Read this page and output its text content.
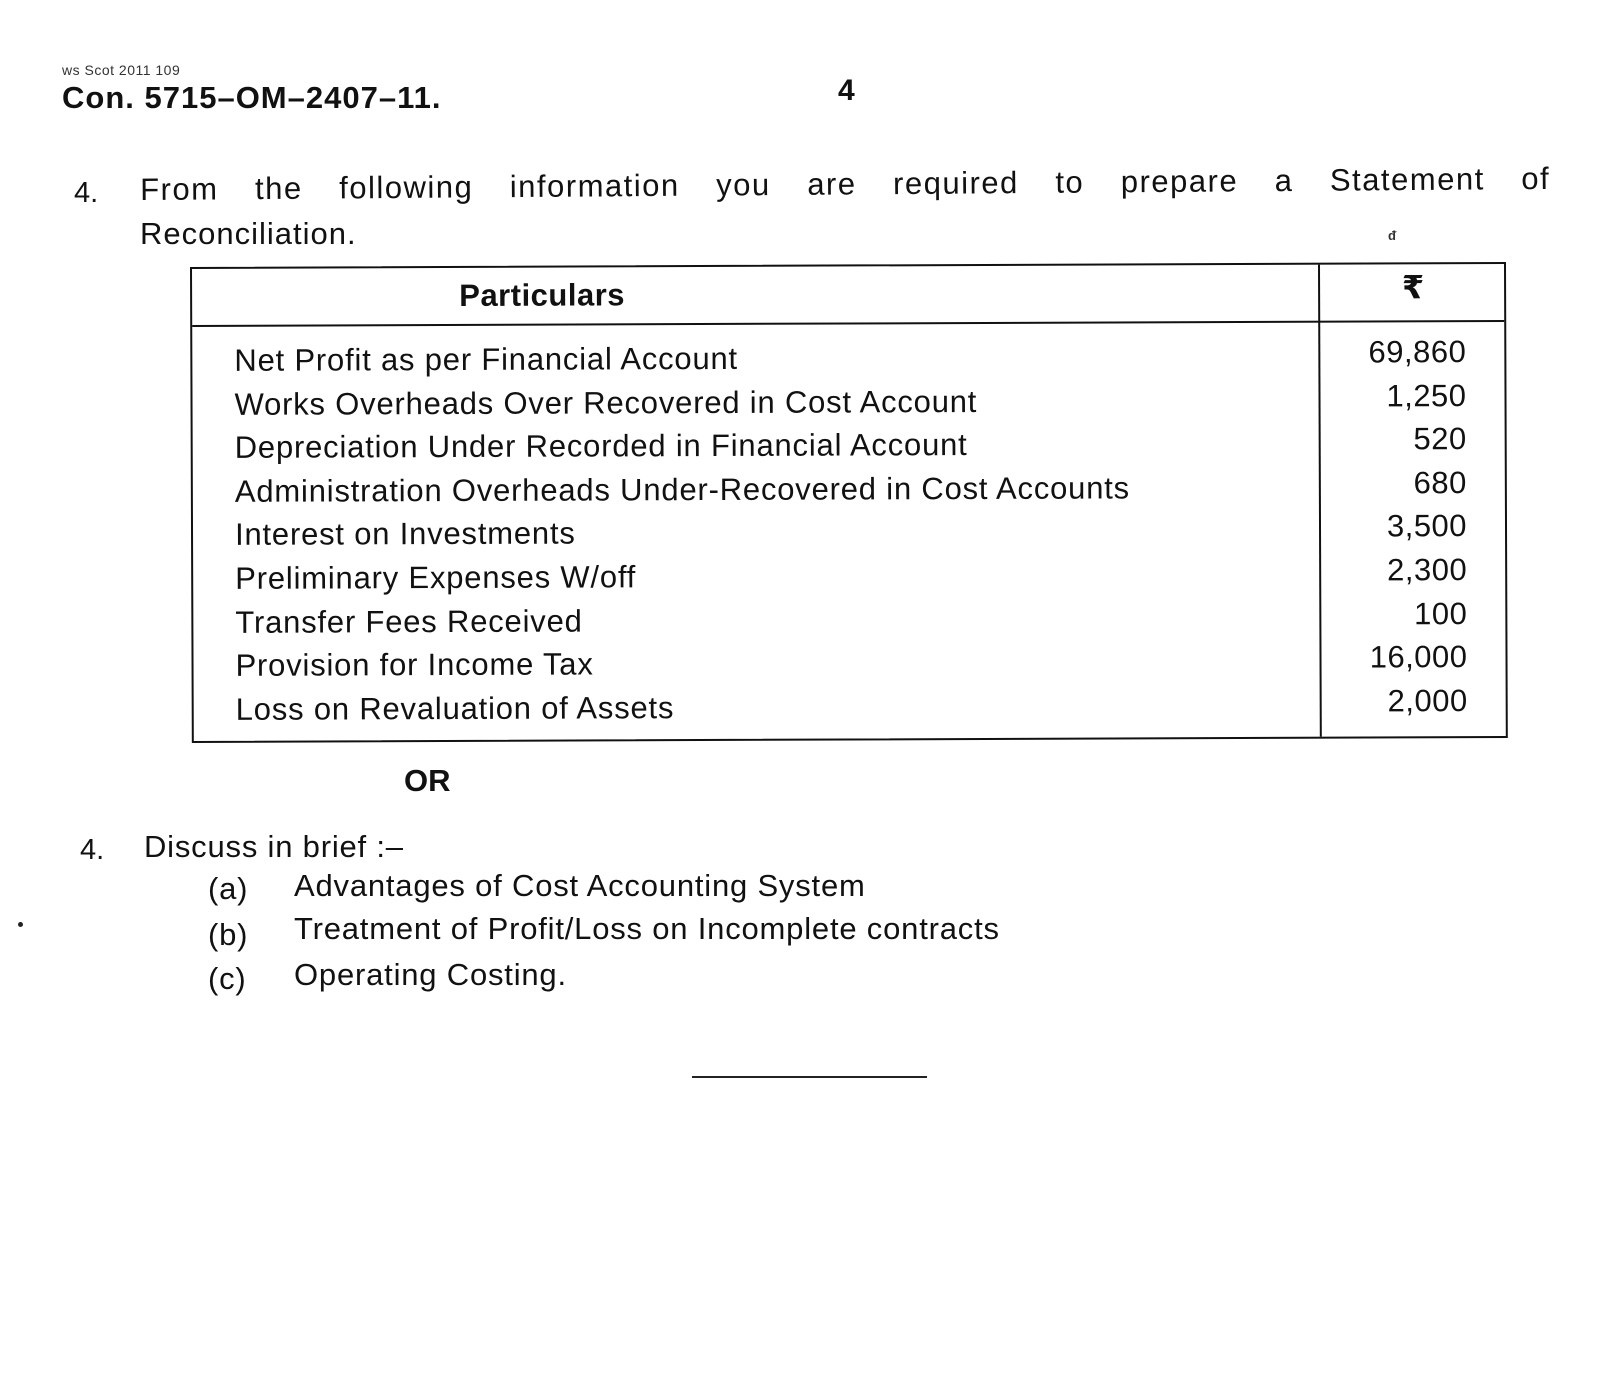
ws Scot 2011 109
Con. 5715–OM–2407–11.	4
4. From the following information you are required to prepare a Statement of
Reconciliation.	ᵭ
Particulars	₹
Net Profit as per Financial Account	69,860
Works Overheads Over Recovered in Cost Account	1,250
Depreciation Under Recorded in Financial Account	520
Administration Overheads Under-Recovered in Cost Accounts	680
Interest on Investments	3,500
Preliminary Expenses W/off	2,300
Transfer Fees Received	100
Provision for Income Tax	16,000
Loss on Revaluation of Assets	2,000
OR
4. Discuss in brief :–
(a) Advantages of Cost Accounting System
(b) Treatment of Profit/Loss on Incomplete contracts
(c) Operating Costing.
